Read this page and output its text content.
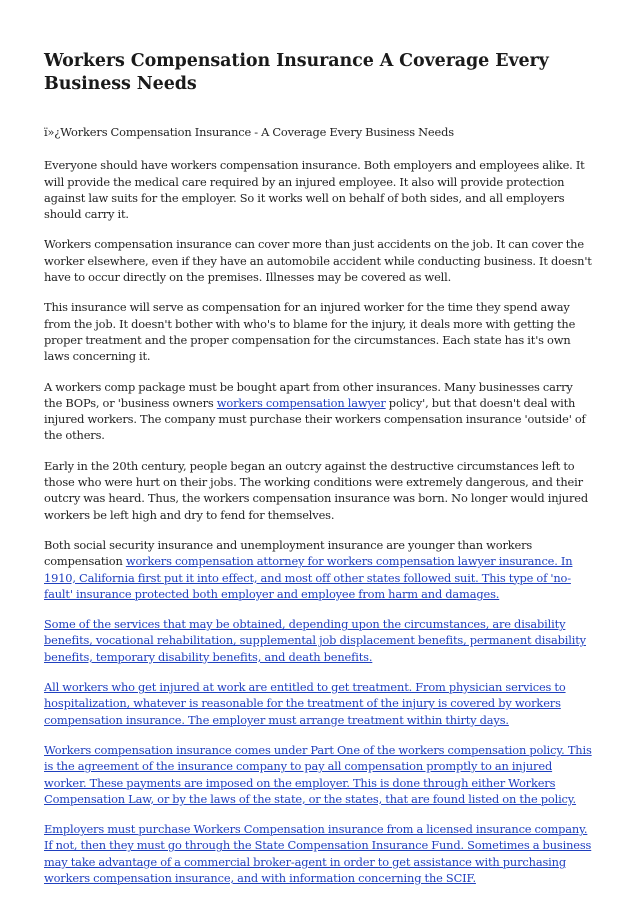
Workers Compensation Insurance A Coverage Every Business Needs

ï»¿Workers Compensation Insurance - A Coverage Every Business Needs

Everyone should have workers compensation insurance. Both employers and employees alike. It will provide the medical care required by an injured employee. It also will provide protection against law suits for the employer. So it works well on behalf of both sides, and all employers should carry it.

Workers compensation insurance can cover more than just accidents on the job. It can cover the worker elsewhere, even if they have an automobile accident while conducting business. It doesn't have to occur directly on the premises. Illnesses may be covered as well.

This insurance will serve as compensation for an injured worker for the time they spend away from the job. It doesn't bother with who's to blame for the injury, it deals more with getting the proper treatment and the proper compensation for the circumstances. Each state has it's own laws concerning it.

A workers comp package must be bought apart from other insurances. Many businesses carry the BOPs, or 'business owners workers compensation lawyer policy', but that doesn't deal with injured workers. The company must purchase their workers compensation insurance 'outside' of the others.

Early in the 20th century, people began an outcry against the destructive circumstances left to those who were hurt on their jobs. The working conditions were extremely dangerous, and their outcry was heard. Thus, the workers compensation insurance was born. No longer would injured workers be left high and dry to fend for themselves.

Both social security insurance and unemployment insurance are younger than workers compensation workers compensation attorney for workers compensation lawyer insurance. In 1910, California first put it into effect, and most off other states followed suit. This type of 'no-fault' insurance protected both employer and employee from harm and damages.

Some of the services that may be obtained, depending upon the circumstances, are disability benefits, vocational rehabilitation, supplemental job displacement benefits, permanent disability benefits, temporary disability benefits, and death benefits.

All workers who get injured at work are entitled to get treatment. From physician services to hospitalization, whatever is reasonable for the treatment of the injury is covered by workers compensation insurance. The employer must arrange treatment within thirty days.

Workers compensation insurance comes under Part One of the workers compensation policy. This is the agreement of the insurance company to pay all compensation promptly to an injured worker. These payments are imposed on the employer. This is done through either Workers Compensation Law, or by the laws of the state, or the states, that are found listed on the policy.

Employers must purchase Workers Compensation insurance from a licensed insurance company. If not, then they must go through the State Compensation Insurance Fund. Sometimes a business may take advantage of a commercial broker-agent in order to get assistance with purchasing workers compensation insurance, and with information concerning the SCIF.
